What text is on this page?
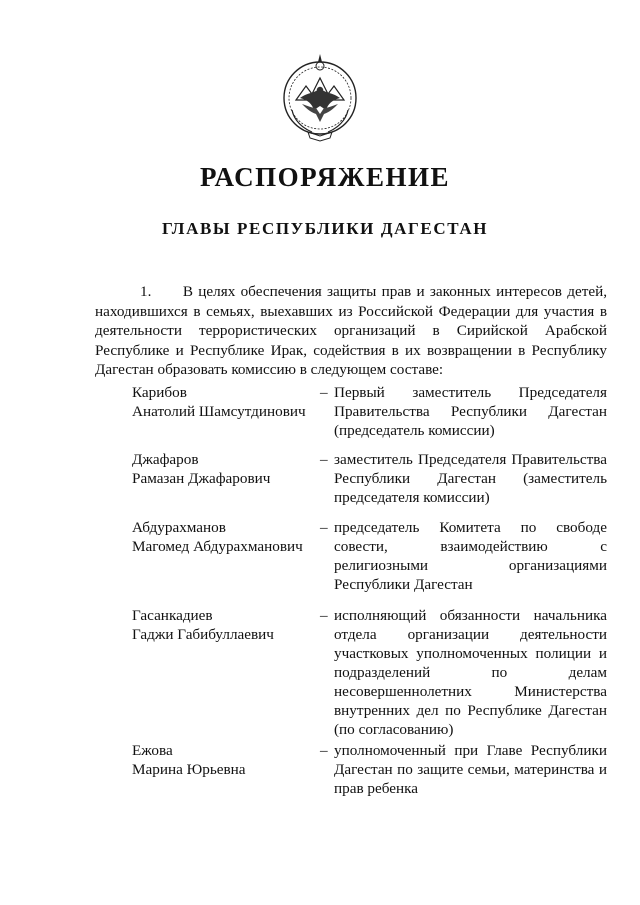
РАСПОРЯЖЕНИЕ
ГЛАВЫ РЕСПУБЛИКИ ДАГЕСТАН
1.      В целях обеспечения защиты прав и законных интересов детей, находившихся в семьях, выехавших из Российской Федерации для участия в деятельности террористических организаций в Сирийской Арабской Республике и Республике Ирак, содействия в их возвращении в Республику Дагестан образовать комиссию в следующем составе:
Карибов
Анатолий Шамсутдинович
– Первый заместитель Председателя Правительства Республики Дагестан (председатель комиссии)
Джафаров
Рамазан Джафарович
– заместитель Председателя Правительства Республики Дагестан (заместитель председателя комиссии)
Абдурахманов
Магомед Абдурахманович
– председатель Комитета по свободе совести, взаимодействию с религиозными организациями Республики Дагестан
Гасанкадиев
Гаджи Габибуллаевич
– исполняющий обязанности начальника отдела организации деятельности участковых уполномоченных полиции и подразделений по делам несовершеннолетних Министерства внутренних дел по Республике Дагестан (по согласованию)
Ежова
Марина Юрьевна
– уполномоченный при Главе Республики Дагестан по защите семьи, материнства и прав ребенка
